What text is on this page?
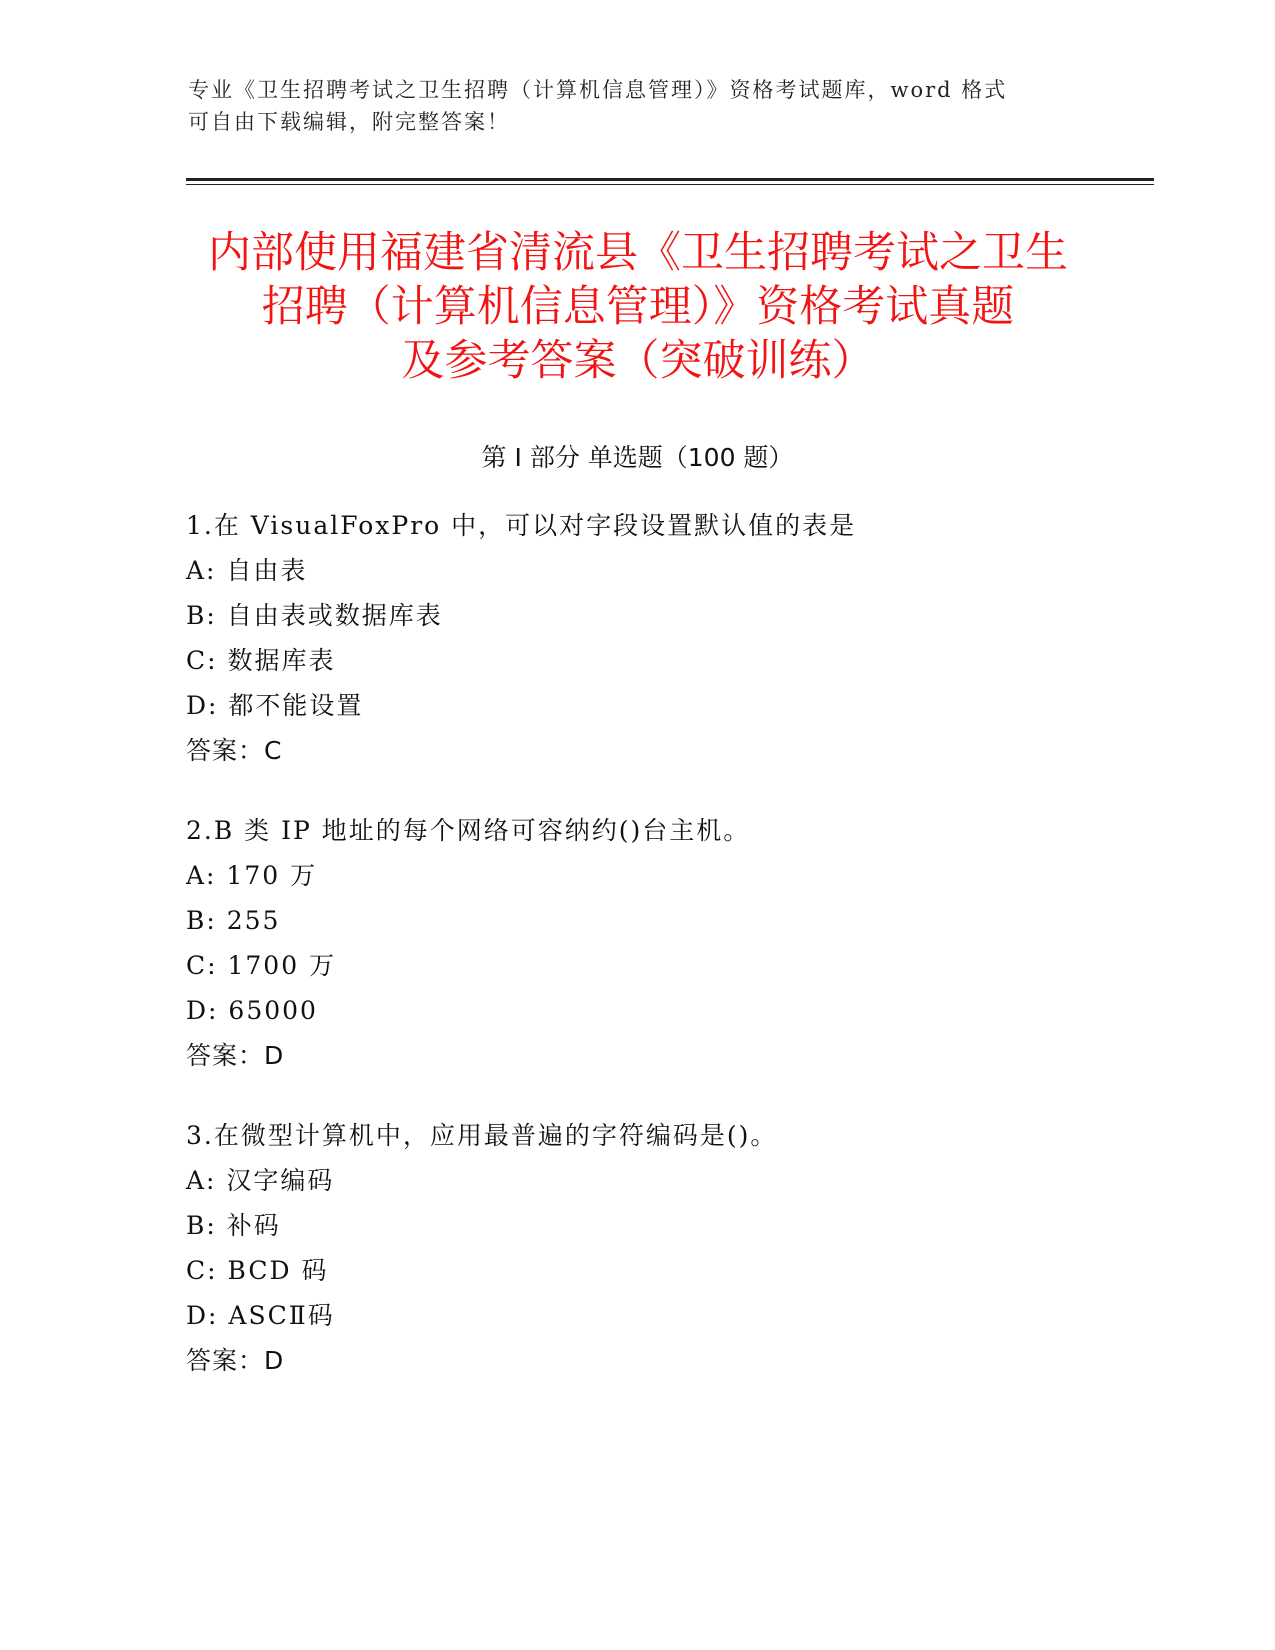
专业《卫生招聘考试之卫生招聘（计算机信息管理）》资格考试题库，word 格式
可自由下载编辑，附完整答案！
内部使用福建省清流县《卫生招聘考试之卫生
招聘（计算机信息管理）》资格考试真题
及参考答案（突破训练）
第 I 部分 单选题（100 题）
1.在 VisualFoxPro 中，可以对字段设置默认值的表是
A: 自由表
B: 自由表或数据库表
C: 数据库表
D: 都不能设置
答案：C
2.B 类 IP 地址的每个网络可容纳约()台主机。
A: 170 万
B: 255
C: 1700 万
D: 65000
答案：D
3.在微型计算机中，应用最普遍的字符编码是()。
A: 汉字编码
B: 补码
C: BCD 码
D: ASCⅡ码
答案：D
